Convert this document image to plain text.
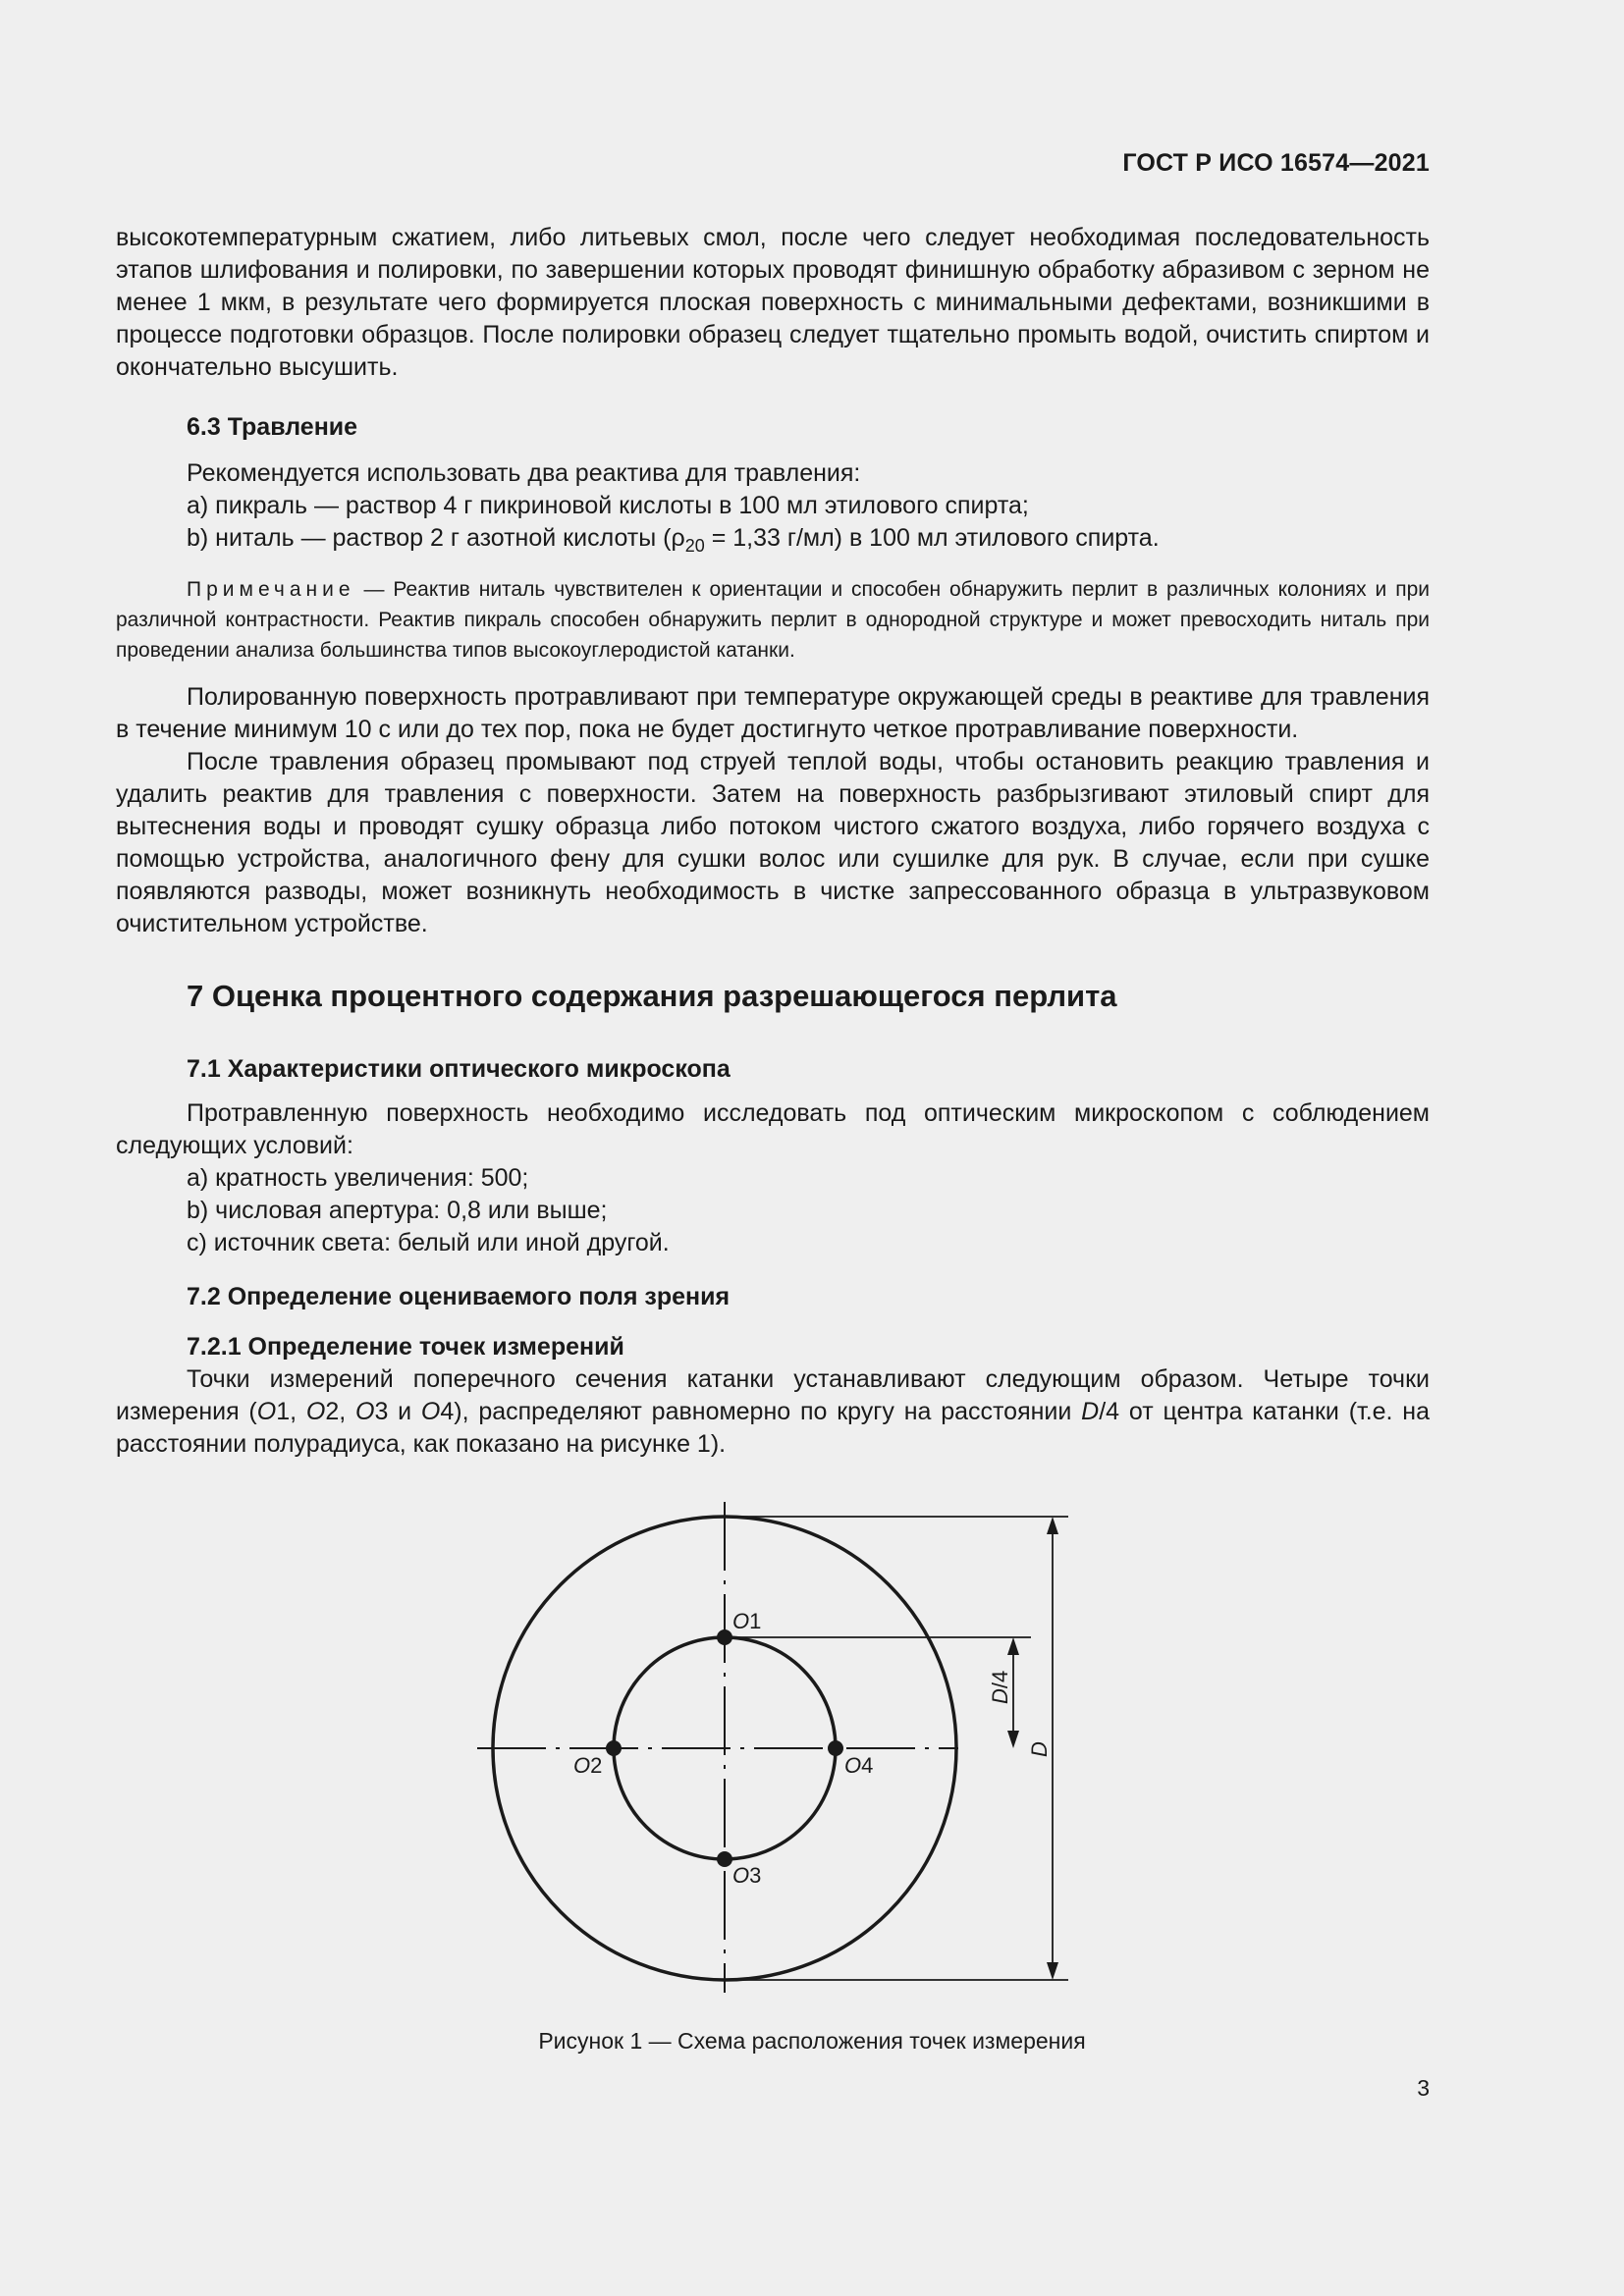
ГОСТ Р ИСО 16574—2021

высокотемпературным сжатием, либо литьевых смол, после чего следует необходимая последовательность этапов шлифования и полировки, по завершении которых проводят финишную обработку абразивом с зерном не менее 1 мкм, в результате чего формируется плоская поверхность с минимальными дефектами, возникшими в процессе подготовки образцов. После полировки образец следует тщательно промыть водой, очистить спиртом и окончательно высушить.

6.3 Травление

Рекомендуется использовать два реактива для травления:

a) пикраль — раствор 4 г пикриновой кислоты в 100 мл этилового спирта;

b) ниталь — раствор 2 г азотной кислоты ($\rho_{20} = 1,33$ г/мл) в 100 мл этилового спирта.

Примечание — Реактив ниталь чувствителен к ориентации и способен обнаружить перлит в различных колониях и при различной контрастности. Реактив пикраль способен обнаружить перлит в однородной структуре и может превосходить ниталь при проведении анализа большинства типов высокоуглеродистой катанки.

Полированную поверхность протравливают при температуре окружающей среды в реактиве для травления в течение минимум 10 с или до тех пор, пока не будет достигнуто четкое протравливание поверхности.

После травления образец промывают под струей теплой воды, чтобы остановить реакцию травления и удалить реактив для травления с поверхности. Затем на поверхность разбрызгивают этиловый спирт для вытеснения воды и проводят сушку образца либо потоком чистого сжатого воздуха, либо горячего воздуха с помощью устройства, аналогичного фену для сушки волос или сушилке для рук. В случае, если при сушке появляются разводы, может возникнуть необходимость в чистке запрессованного образца в ультразвуковом очистительном устройстве.

7 Оценка процентного содержания разрешающегося перлита
7.1 Характеристики оптического микроскопа

Протравленную поверхность необходимо исследовать под оптическим микроскопом с соблюдением следующих условий:

a) кратность увеличения: 500;

b) числовая апертура: 0,8 или выше;

c) источник света: белый или иной другой.

7.2 Определение оцениваемого поля зрения
7.2.1 Определение точек измерений

Точки измерений поперечного сечения катанки устанавливают следующим образом. Четыре точки измерения (O1, O2, O3 и O4), распределяют равномерно по кругу на расстоянии D/4 от центра катанки (т.е. на расстоянии полурадиуса, как показано на рисунке 1).

O1
O2
O3
O4
D/4
D
Рисунок 1 — Схема расположения точек измерения
3
